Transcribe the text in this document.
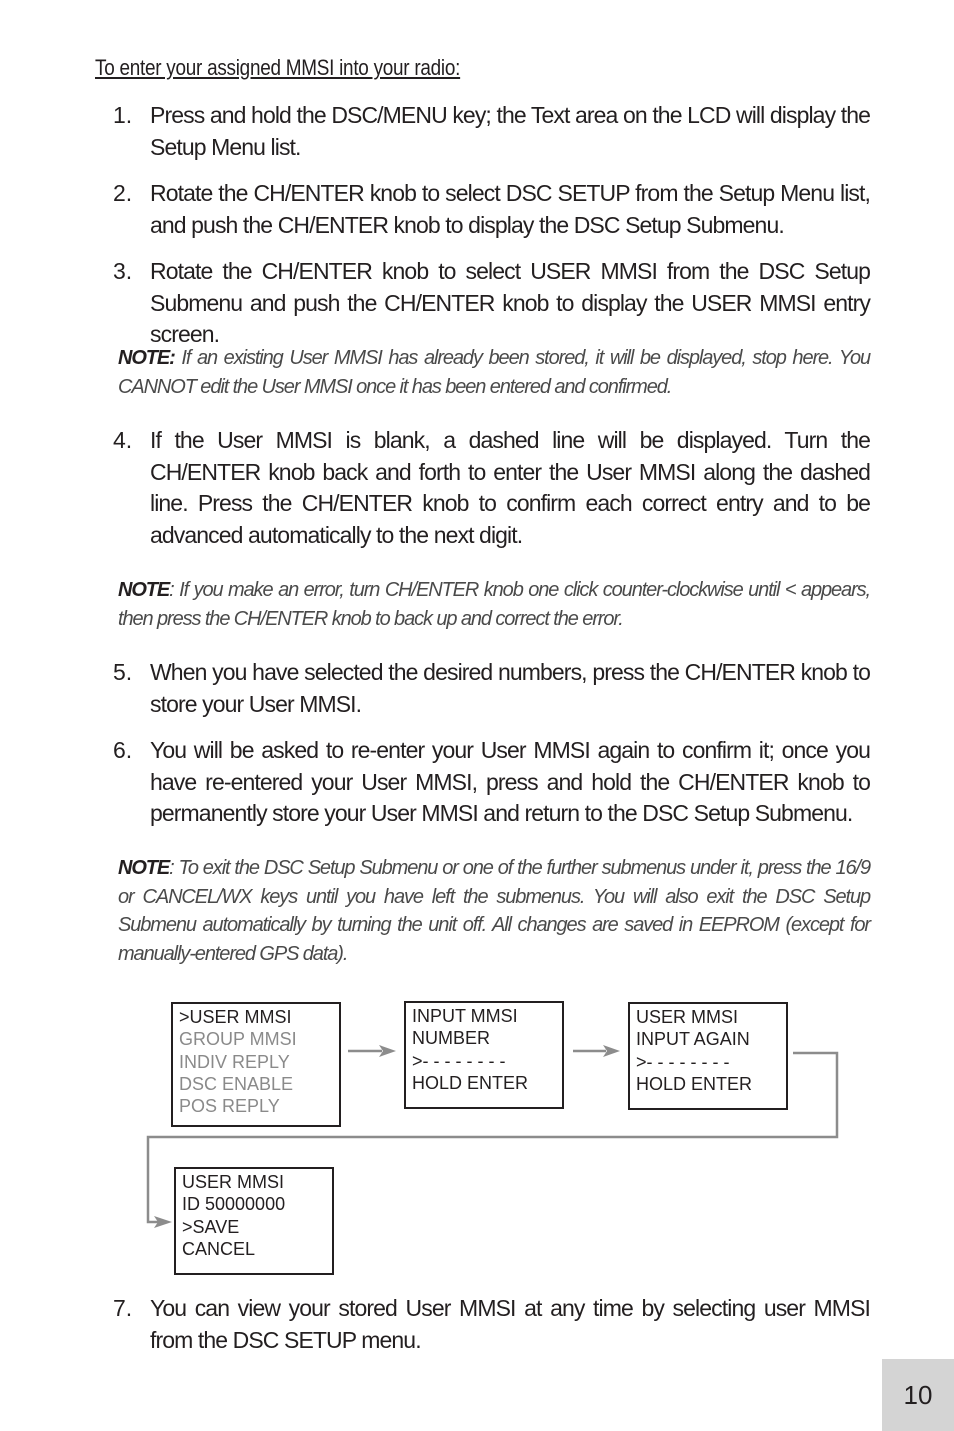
To enter your assigned MMSI into your radio:
1. Press and hold the DSC/MENU key; the Text area on the LCD will display the Setup Menu list.
2. Rotate the CH/ENTER knob to select DSC SETUP from the Setup Menu list, and push the CH/ENTER knob to display the DSC Setup Submenu.
3. Rotate the CH/ENTER knob to select USER MMSI from the DSC Setup Submenu and push the CH/ENTER knob to display the USER MMSI entry screen.
NOTE: If an existing User MMSI has already been stored, it will be displayed, stop here. You CANNOT edit the User MMSI once it has been entered and confirmed.
4. If the User MMSI is blank, a dashed line will be displayed. Turn the CH/ENTER knob back and forth to enter the User MMSI along the dashed line. Press the CH/ENTER knob to confirm each correct entry and to be advanced automatically to the next digit.
NOTE: If you make an error, turn CH/ENTER knob one click counter-clockwise until < appears, then press the CH/ENTER knob to back up and correct the error.
5. When you have selected the desired numbers, press the CH/ENTER knob to store your User MMSI.
6. You will be asked to re-enter your User MMSI again to confirm it; once you have re-entered your User MMSI, press and hold the CH/ENTER knob to permanently store your User MMSI and return to the DSC Setup Submenu.
NOTE: To exit the DSC Setup Submenu or one of the further submenus under it, press the 16/9 or CANCEL/WX keys until you have left the submenus. You will also exit the DSC Setup Submenu automatically by turning the unit off. All changes are saved in EEPROM (except for manually-entered GPS data).
>USER MMSI
GROUP MMSI
INDIV REPLY
DSC ENABLE
POS REPLY
INPUT MMSI
NUMBER
>- - - - - - - -
HOLD ENTER
USER MMSI
INPUT AGAIN
>- - - - - - - -
HOLD ENTER
USER MMSI
ID 50000000
>SAVE
CANCEL
7. You can view your stored User MMSI at any time by selecting user MMSI from the DSC SETUP menu.
10
